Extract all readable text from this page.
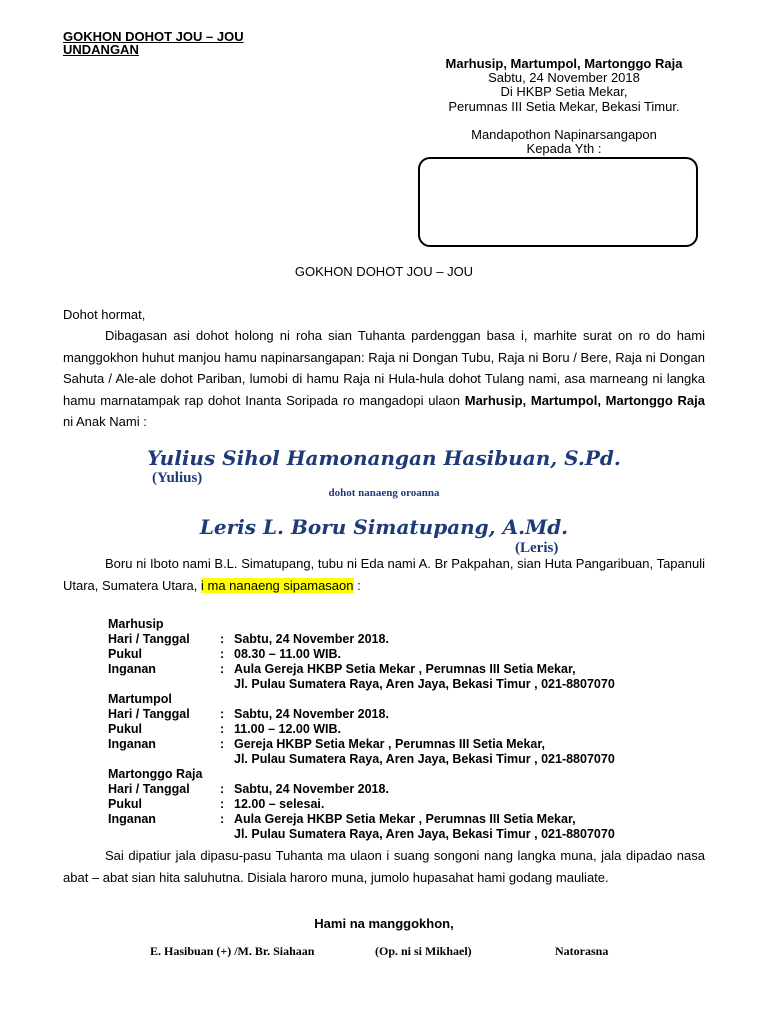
GOKHON DOHOT JOU – JOU
UNDANGAN
Marhusip, Martumpol, Martonggo Raja
Sabtu, 24 November 2018
Di HKBP Setia Mekar,
Perumnas III Setia Mekar, Bekasi Timur.
Mandapothon Napinarsangapon
Kepada Yth :
GOKHON DOHOT JOU – JOU
Dohot hormat,
Dibagasan asi dohot holong ni roha sian Tuhanta pardenggan basa i, marhite surat on ro do hami manggokhon huhut manjou hamu napinarsangapan: Raja ni Dongan Tubu, Raja ni Boru / Bere, Raja ni Dongan Sahuta / Ale-ale dohot Pariban, lumobi di hamu Raja ni Hula-hula dohot Tulang nami, asa marneang ni langka hamu marnatampak rap dohot Inanta Soripada ro mangadopi ulaon Marhusip, Martumpol, Martonggo Raja ni Anak Nami :
Yulius Sihol Hamonangan Hasibuan, S.Pd.
(Yulius)
dohot nanaeng oroanna
Leris L. Boru Simatupang, A.Md.
(Leris)
Boru ni Iboto nami B.L. Simatupang, tubu ni Eda nami A. Br Pakpahan, sian Huta Pangaribuan, Tapanuli Utara, Sumatera Utara, i ma nanaeng sipamasaon :
Marhusip
Hari / Tanggal	: Sabtu, 24 November 2018.
Pukul	: 08.30 – 11.00 WIB.
Inganan	: Aula Gereja HKBP Setia Mekar , Perumnas III Setia Mekar,
Jl. Pulau Sumatera Raya, Aren Jaya, Bekasi Timur , 021-8807070
Martumpol
Hari / Tanggal	: Sabtu, 24 November 2018.
Pukul	: 11.00 – 12.00 WIB.
Inganan	: Gereja HKBP Setia Mekar , Perumnas III Setia Mekar,
Jl. Pulau Sumatera Raya, Aren Jaya, Bekasi Timur , 021-8807070
Martonggo Raja
Hari / Tanggal	: Sabtu, 24 November 2018.
Pukul	: 12.00 – selesai.
Inganan	: Aula Gereja HKBP Setia Mekar , Perumnas III Setia Mekar,
Jl. Pulau Sumatera Raya, Aren Jaya, Bekasi Timur , 021-8807070
Sai dipatiur jala dipasu-pasu Tuhanta ma ulaon i suang songoni nang langka muna, jala dipadao nasa abat – abat sian hita saluhutna. Disiala haroro muna, jumolo hupasahat hami godang mauliate.
Hami na manggokhon,
E. Hasibuan (+) /M. Br. Siahaan	(Op. ni si Mikhael)	Natorasna
